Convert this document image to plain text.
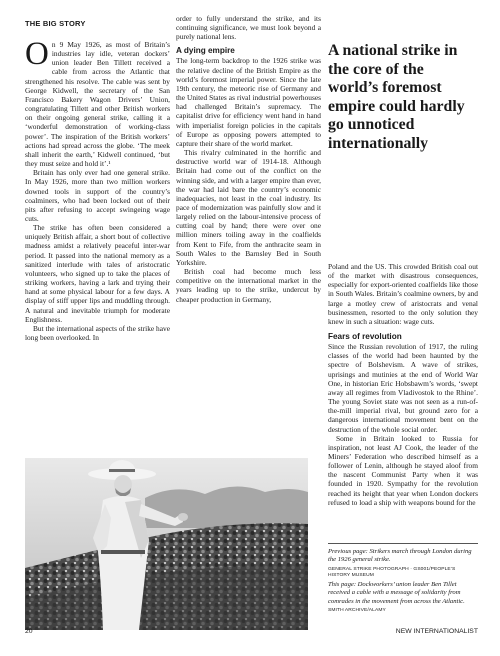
THE BIG STORY

On 9 May 1926, as most of Britain’s industries lay idle, veteran dockers’ union leader Ben Tillett received a cable from across the Atlantic that strengthened his resolve. The cable was sent by George Kidwell, the secretary of the San Francisco Bakery Wagon Drivers’ Union, congratulating Tillett and other British workers on their ongoing general strike, calling it a ‘wonderful demonstration of working-class power’. The inspiration of the British workers’ actions had spread across the globe. ‘The meek shall inherit the earth,’ Kidwell continued, ‘but they must seize and hold it’.¹

Britain has only ever had one general strike. In May 1926, more than two million workers downed tools in support of the country’s coalminers, who had been locked out of their pits after refusing to accept swingeing wage cuts.

The strike has often been considered a uniquely British affair, a short bout of collective madness amidst a relatively peaceful inter-war period. It passed into the national memory as a sanitized interlude with tales of aristocratic volunteers, who signed up to take the places of striking workers, having a lark and trying their hand at some physical labour for a few days. A display of stiff upper lips and muddling through. A natural and inevitable triumph for moderate Englishness.

But the international aspects of the strike have long been overlooked. In

order to fully understand the strike, and its continuing significance, we must look beyond a purely national lens.

A dying empire

The long-term backdrop to the 1926 strike was the relative decline of the British Empire as the world’s foremost imperial power. Since the late 19th century, the meteoric rise of Germany and the United States as rival industrial powerhouses had challenged Britain’s supremacy. The capitalist drive for efficiency went hand in hand with imperialist foreign policies in the capitals of Europe as opposing powers attempted to capture their share of the world market.

This rivalry culminated in the horrific and destructive world war of 1914-18. Although Britain had come out of the conflict on the winning side, and with a larger empire than ever, the war had laid bare the country’s economic inadequacies, not least in the coal industry. Its pace of modernization was painfully slow and it largely relied on the labour-intensive process of cutting coal by hand; there were over one million miners toiling away in the coalfields from Kent to Fife, from the anthracite seam in South Wales to the Barnsley Bed in South Yorkshire.

British coal had become much less competitive on the international market in the years leading up to the strike, undercut by cheaper production in Germany,

A national strike in the core of the world’s foremost empire could hardly go unnoticed internationally

Poland and the US. This crowded British coal out of the market with disastrous consequences, especially for export-oriented coalfields like those in South Wales. Britain’s coalmine owners, by and large a motley crew of aristocrats and venal businessmen, resorted to the only solution they knew in such a situation: wage cuts.

Fears of revolution

Since the Russian revolution of 1917, the ruling classes of the world had been haunted by the spectre of Bolshevism. A wave of strikes, uprisings and mutinies at the end of World War One, in historian Eric Hobsbawm’s words, ‘swept away all regimes from Vladivostok to the Rhine’. The young Soviet state was not seen as a run-of-the-mill imperial rival, but ground zero for a dangerous international movement bent on the destruction of the whole social order.

Some in Britain looked to Russia for inspiration, not least AJ Cook, the leader of the Miners’ Federation who described himself as a follower of Lenin, although he stayed aloof from the nascent Communist Party when it was founded in 1920. Sympathy for the revolution reached its height that year when London dockers refused to load a ship with weapons bound for the

Previous page: Strikers march through London during the 1926 general strike.
GENERAL STRIKE PHOTOGRAPH · GS001/PEOPLE’S HISTORY MUSEUM
This page: Dockworkers’ union leader Ben Tillet received a cable with a message of solidarity from comrades in the movement from across the Atlantic.
SMITH ARCHIVE/ALAMY
20	NEW INTERNATIONALIST
